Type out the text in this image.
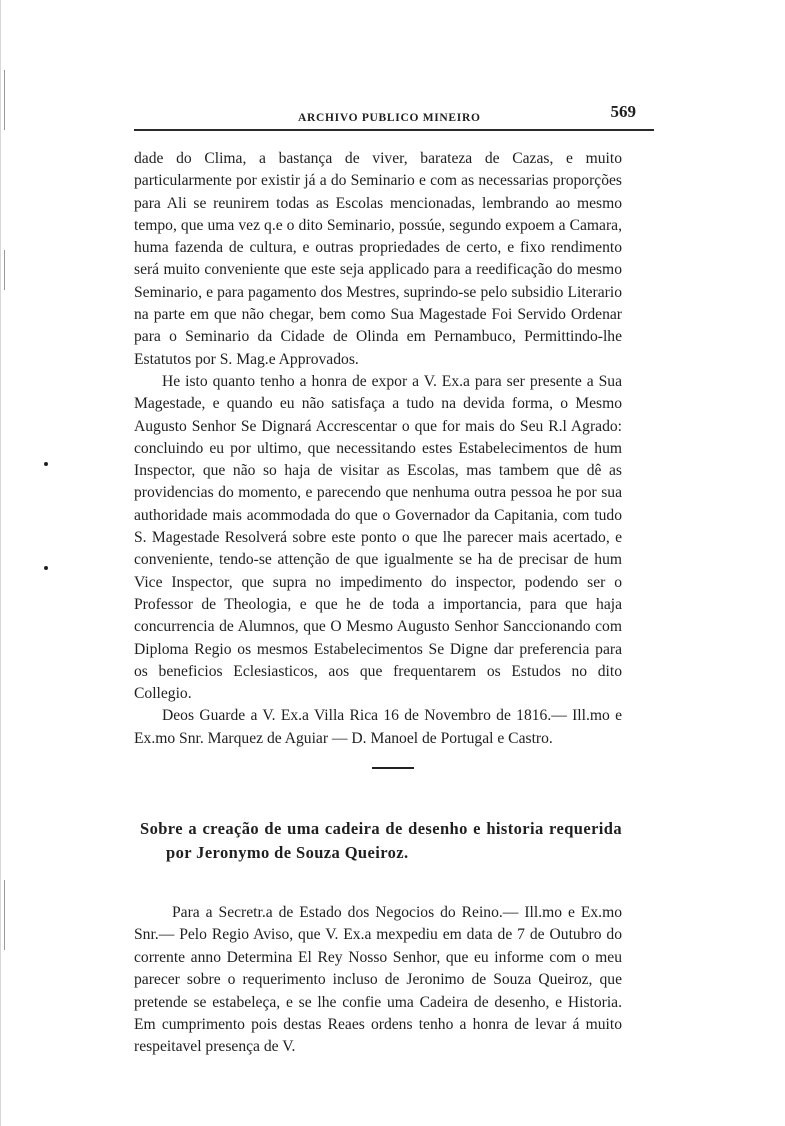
ARCHIVO PUBLICO MINEIRO	569

dade do Clima, a bastança de viver, barateza de Cazas, e muito particularmente por existir já a do Seminario e com as necessarias proporções para Ali se reunirem todas as Escolas mencionadas, lembrando ao mesmo tempo, que uma vez q.e o dito Seminario, possúe, segundo expoem a Camara, huma fazenda de cultura, e outras propriedades de certo, e fixo rendimento será muito conveniente que este seja applicado para a reedificação do mesmo Seminario, e para pagamento dos Mestres, suprindo-se pelo subsidio Literario na parte em que não chegar, bem como Sua Magestade Foi Servido Ordenar para o Seminario da Cidade de Olinda em Pernambuco, Permittindo-lhe Estatutos por S. Mag.e Approvados.

He isto quanto tenho a honra de expor a V. Ex.a para ser presente a Sua Magestade, e quando eu não satisfaça a tudo na devida forma, o Mesmo Augusto Senhor Se Dignará Accrescentar o que for mais do Seu R.l Agrado: concluindo eu por ultimo, que necessitando estes Estabelecimentos de hum Inspector, que não so haja de visitar as Escolas, mas tambem que dê as providencias do momento, e parecendo que nenhuma outra pessoa he por sua authoridade mais acommodada do que o Governador da Capitania, com tudo S. Magestade Resolverá sobre este ponto o que lhe parecer mais acertado, e conveniente, tendo-se attenção de que igualmente se ha de precisar de hum Vice Inspector, que supra no impedimento do inspector, podendo ser o Professor de Theologia, e que he de toda a importancia, para que haja concurrencia de Alumnos, que O Mesmo Augusto Senhor Sanccionando com Diploma Regio os mesmos Estabelecimentos Se Digne dar preferencia para os beneficios Eclesiasticos, aos que frequentarem os Estudos no dito Collegio.

Deos Guarde a V. Ex.a Villa Rica 16 de Novembro de 1816.— Ill.mo e Ex.mo Snr. Marquez de Aguiar — D. Manoel de Portugal e Castro.

Sobre a creação de uma cadeira de desenho e historia requerida por Jeronymo de Souza Queiroz.

Para a Secretr.a de Estado dos Negocios do Reino.— Ill.mo e Ex.mo Snr.— Pelo Regio Aviso, que V. Ex.a mexpediu em data de 7 de Outubro do corrente anno Determina El Rey Nosso Senhor, que eu informe com o meu parecer sobre o requerimento incluso de Jeronimo de Souza Queiroz, que pretende se estabeleça, e se lhe confie uma Cadeira de desenho, e Historia. Em cumprimento pois destas Reaes ordens tenho a honra de levar á muito respeitavel presença de V.
